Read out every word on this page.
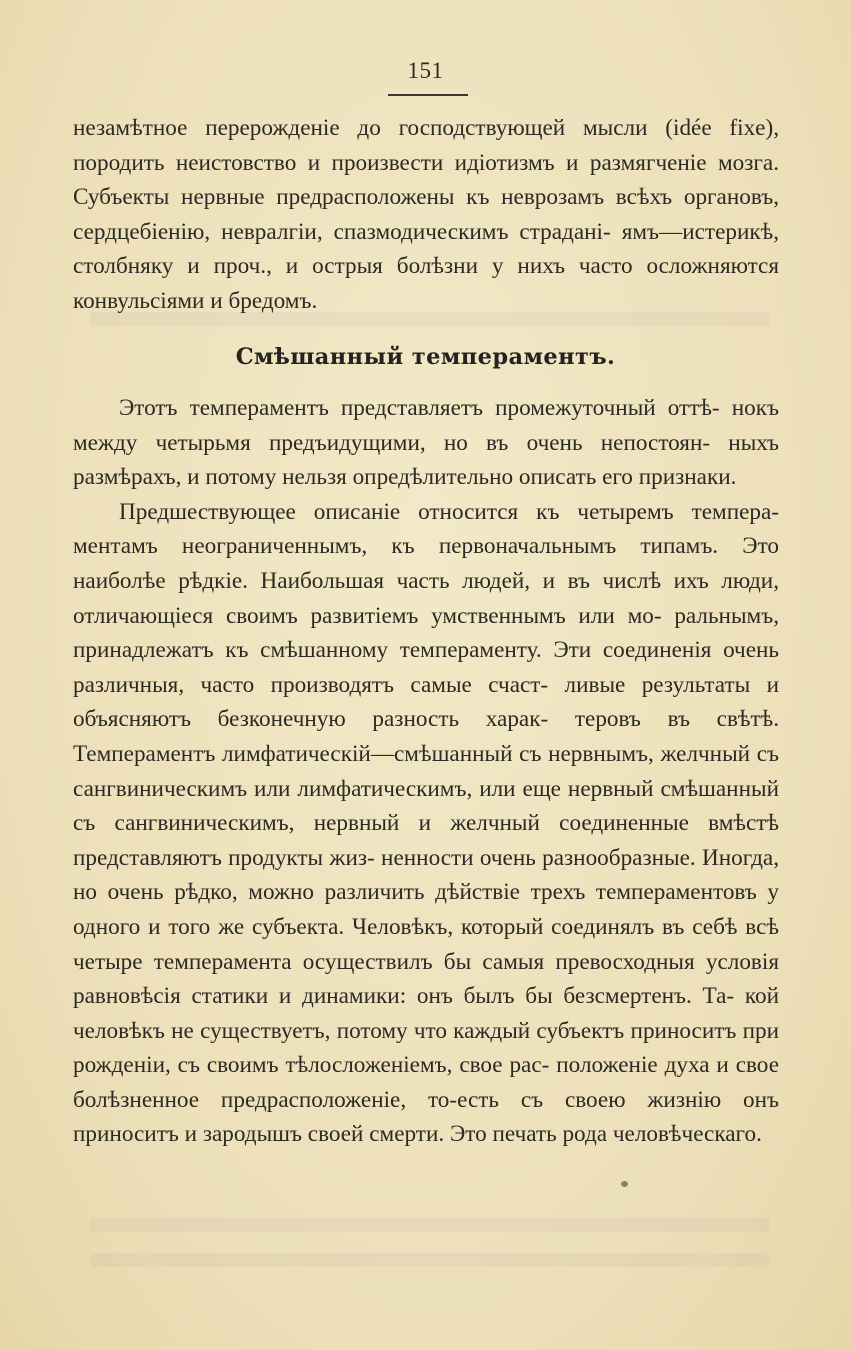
151

незамѣтное перерожденіе до господствующей мысли (idée fixe), породить неистовство и произвести идіотизмъ и размягченіе мозга. Субъекты нервные предрасположены къ неврозамъ всѣхъ органовъ, сердцебіенію, невралгіи, спазмодическимъ страданi- ямъ—истерикѣ, столбняку и проч., и острыя болѣзни у нихъ часто осложняются конвульсіями и бредомъ.

Смѣшанный темпераментъ.

Этотъ темпераментъ представляетъ промежуточный оттѣ- нокъ между четырьмя предъидущими, но въ очень непостоян- ныхъ размѣрахъ, и потому нельзя опредѣлительно описать его признаки.

Предшествующее описаніе относится къ четыремъ темпера- ментамъ неограниченнымъ, къ первоначальнымъ типамъ. Это наиболѣе рѣдкіе. Наибольшая часть людей, и въ числѣ ихъ люди, отличающіеся своимъ развитіемъ умственнымъ или мо- ральнымъ, принадлежатъ къ смѣшанному темпераменту. Эти соединенія очень различныя, часто производятъ самые счаст- ливые результаты и объясняютъ безконечную разность харак- теровъ въ свѣтѣ. Темпераментъ лимфатическій—смѣшанный съ нервнымъ, желчный съ сангвиническимъ или лимфатическимъ, или еще нервный смѣшанный съ сангвиническимъ, нервный и желчный соединенные вмѣстѣ представляютъ продукты жиз- ненности очень разнообразные. Иногда, но очень рѣдко, можно различить дѣйствіе трехъ темпераментовъ у одного и того же субъекта. Человѣкъ, который соединялъ въ себѣ всѣ четыре темперамента осуществилъ бы самыя превосходныя условія равновѣсія статики и динамики: онъ былъ бы безсмертенъ. Та- кой человѣкъ не существуетъ, потому что каждый субъектъ приноситъ при рожденіи, съ своимъ тѣлосложеніемъ, свое рас- положеніе духа и свое болѣзненное предрасположеніе, то-есть съ своею жизнію онъ приноситъ и зародышъ своей смерти. Это печать рода человѣческаго.
